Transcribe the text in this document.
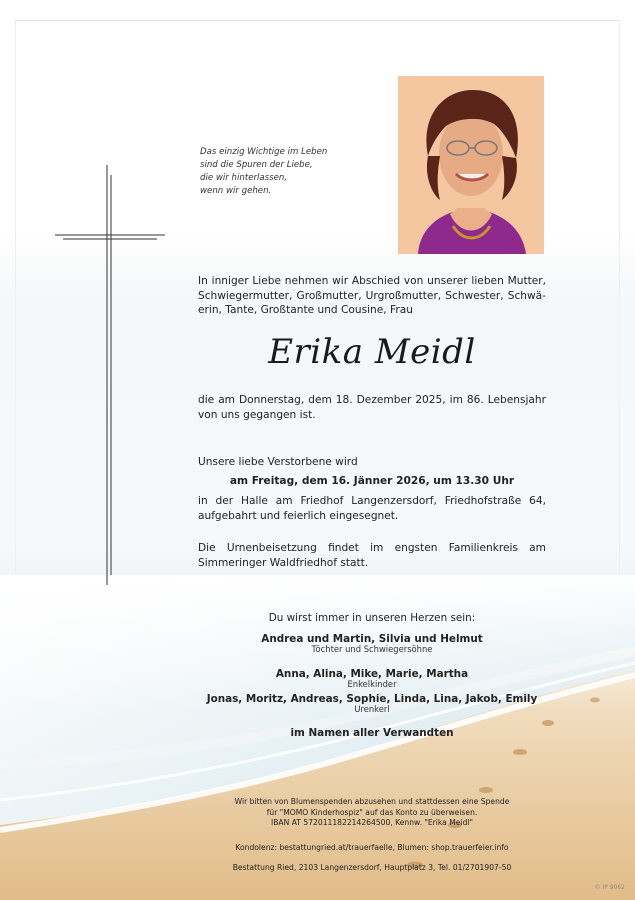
Das einzig Wichtige im Leben
sind die Spuren der Liebe,
die wir hinterlassen,
wenn wir gehen.
In inniger Liebe nehmen wir Abschied von unserer lieben Mutter, Schwiegermutter, Großmutter, Urgroßmutter, Schwester, Schwä-erin, Tante, Großtante und Cousine, Frau
Erika Meidl
die am Donnerstag, dem 18. Dezember 2025, im 86. Lebensjahr von uns gegangen ist.
Unsere liebe Verstorbene wird
am Freitag, dem 16. Jänner 2026, um 13.30 Uhr
in der Halle am Friedhof Langenzersdorf, Friedhofstraße 64, aufgebahrt und feierlich eingesegnet.
Die Urnenbeisetzung findet im engsten Familienkreis am Simmeringer Waldfriedhof statt.
Du wirst immer in unseren Herzen sein:
Andrea und Martin, Silvia und Helmut
Töchter und Schwiegersöhne
Anna, Alina, Mike, Marie, Martha
Enkelkinder
Jonas, Moritz, Andreas, Sophie, Linda, Lina, Jakob, Emily
Urenkerl
im Namen aller Verwandten
Wir bitten von Blumenspenden abzusehen und stattdessen eine Spende
für "MOMO Kinderhospiz" auf das Konto zu überweisen.
IBAN AT 572011182214264500, Kennw. "Erika Meidl"
Kondolenz: bestattungried.at/trauerfaelle, Blumen: shop.trauerfeier.info
Bestattung Ried, 2103 Langenzersdorf, Hauptplatz 3, Tel. 01/2701907-50
© IP 9062
